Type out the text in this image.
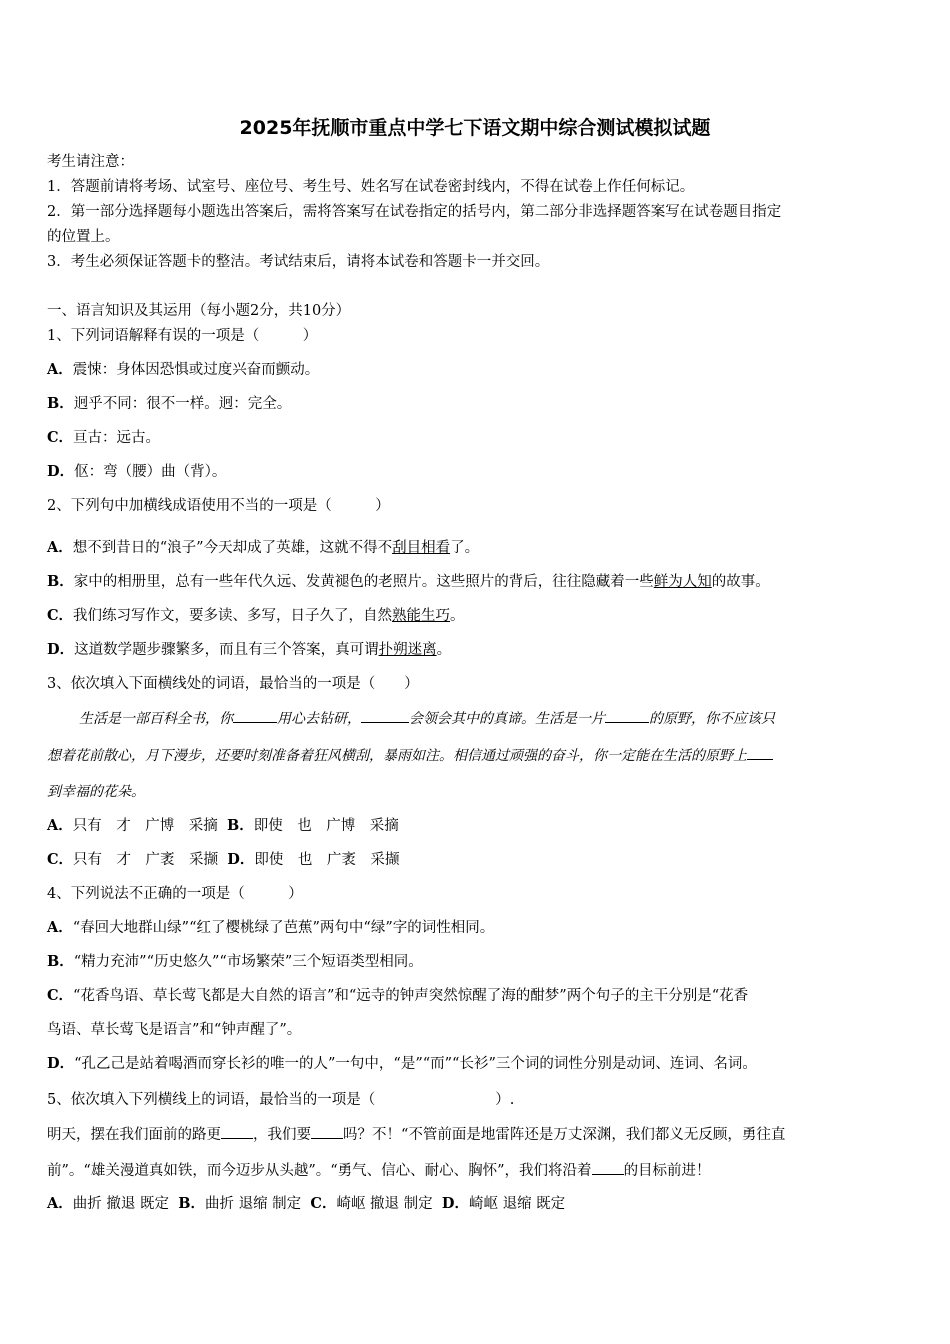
2025年抚顺市重点中学七下语文期中综合测试模拟试题
考生请注意：
1．答题前请将考场、试室号、座位号、考生号、姓名写在试卷密封线内，不得在试卷上作任何标记。
2．第一部分选择题每小题选出答案后，需将答案写在试卷指定的括号内，第二部分非选择题答案写在试卷题目指定
的位置上。
3．考生必须保证答题卡的整洁。考试结束后，请将本试卷和答题卡一并交回。
一、语言知识及其运用（每小题2分，共10分）
1、下列词语解释有误的一项是（　　　）
A．震悚：身体因恐惧或过度兴奋而颤动。
B．迥乎不同：很不一样。迥：完全。
C．亘古：远古。
D．伛：弯（腰）曲（背）。
2、下列句中加横线成语使用不当的一项是（　　　）
A．想不到昔日的“浪子”今天却成了英雄，这就不得不刮目相看了。
B．家中的相册里，总有一些年代久远、发黄褪色的老照片。这些照片的背后，往往隐藏着一些鲜为人知的故事。
C．我们练习写作文，要多读、多写，日子久了，自然熟能生巧。
D．这道数学题步骤繁多，而且有三个答案，真可谓扑朔迷离。
3、依次填入下面横线处的词语，最恰当的一项是（　　）
生活是一部百科全书，你	用心去钻研，	会领会其中的真谛。生活是一片	的原野，你不应该只
想着花前散心，月下漫步，还要时刻准备着狂风横刮，暴雨如注。相信通过顽强的奋斗，你一定能在生活的原野上
到幸福的花朵。
A．只有　才　广博　采摘 B．即使　也　广博　采摘
C．只有　才　广袤　采撷 D．即使　也　广袤　采撷
4、下列说法不正确的一项是（　　　）
A．“春回大地群山绿”“红了樱桃绿了芭蕉”两句中“绿”字的词性相同。
B．“精力充沛”“历史悠久”“市场繁荣”三个短语类型相同。
C．“花香鸟语、草长莺飞都是大自然的语言”和“远寺的钟声突然惊醒了海的酣梦”两个句子的主干分别是“花香
鸟语、草长莺飞是语言”和“钟声醒了”。
D．“孔乙己是站着喝酒而穿长衫的唯一的人”一句中，“是”“而”“长衫”三个词的词性分别是动词、连词、名词。
5、依次填入下列横线上的词语，最恰当的一项是（	）.
明天，摆在我们面前的路更 ，我们要 吗？不！“不管前面是地雷阵还是万丈深渊，我们都义无反顾，勇往直
前”。“雄关漫道真如铁，而今迈步从头越”。“勇气、信心、耐心、胸怀”，我们将沿着 的目标前进！
A．曲折 撤退 既定 B．曲折 退缩 制定 C．崎岖 撤退 制定 D．崎岖 退缩 既定
